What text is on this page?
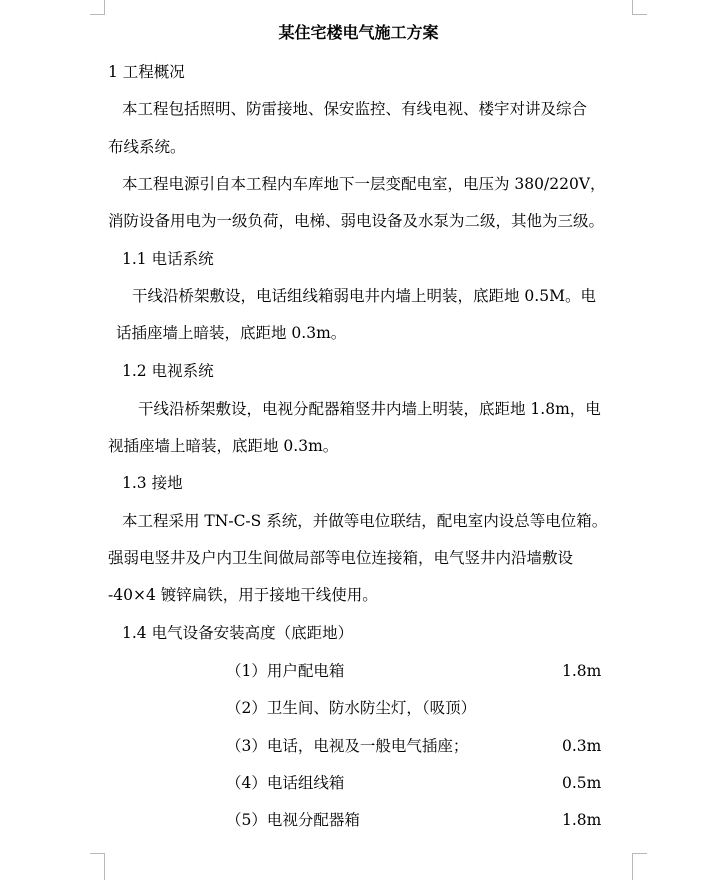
某住宅楼电气施工方案
1 工程概况
本工程包括照明、防雷接地、保安监控、有线电视、楼宇对讲及综合
布线系统。
本工程电源引自本工程内车库地下一层变配电室，电压为 380/220V，
消防设备用电为一级负荷，电梯、弱电设备及水泵为二级，其他为三级。
1.1 电话系统
干线沿桥架敷设，电话组线箱弱电井内墙上明装，底距地 0.5M。电
话插座墙上暗装，底距地 0.3m。
1.2 电视系统
干线沿桥架敷设，电视分配器箱竖井内墙上明装，底距地 1.8m，电
视插座墙上暗装，底距地 0.3m。
1.3 接地
本工程采用 TN-C-S 系统，并做等电位联结，配电室内设总等电位箱。
强弱电竖井及户内卫生间做局部等电位连接箱，电气竖井内沿墙敷设
-40×4 镀锌扁铁，用于接地干线使用。
1.4 电气设备安装高度（底距地）
（1）用户配电箱	1.8m
（2）卫生间、防水防尘灯，（吸顶）
（3）电话，电视及一般电气插座；	0.3m
（4）电话组线箱	0.5m
（5）电视分配器箱	1.8m
